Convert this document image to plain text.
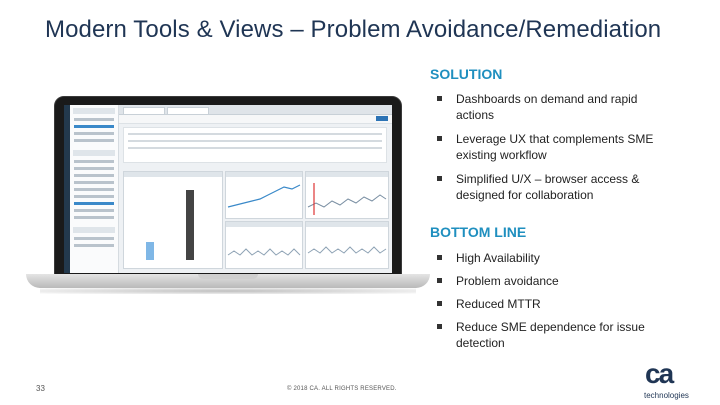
Modern Tools & Views – Problem Avoidance/Remediation
SOLUTION
Dashboards on demand and rapid
actions
Leverage UX that complements SME
existing workflow
Simplified U/X – browser access &
designed for collaboration
BOTTOM LINE
High Availability
Problem avoidance
Reduced MTTR
Reduce SME dependence for issue
detection
33	© 2018 CA. ALL RIGHTS RESERVED.	ca
technologies
